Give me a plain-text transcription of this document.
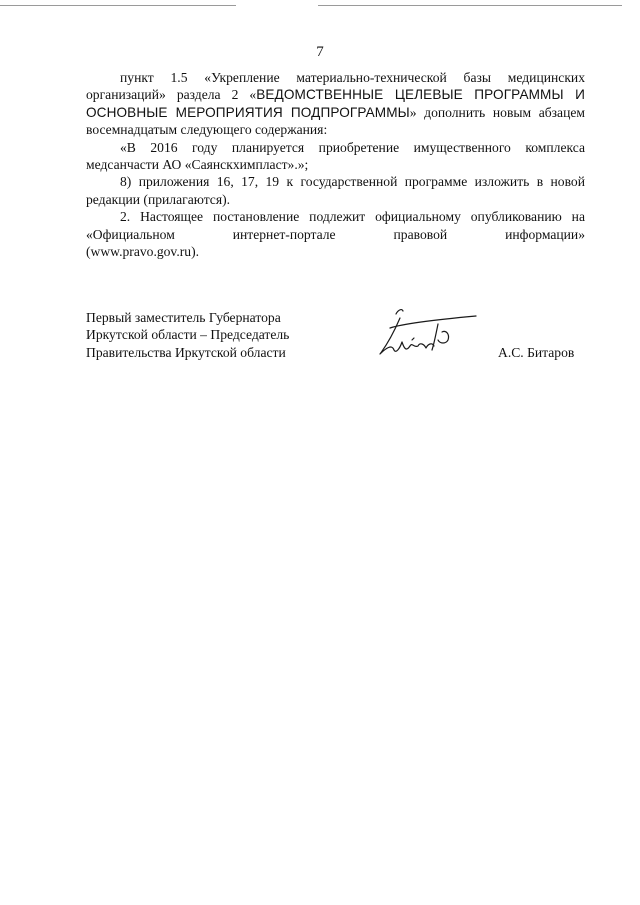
7

пункт 1.5 «Укрепление материально-технической базы медицинских организаций» раздела 2 «ВЕДОМСТВЕННЫЕ ЦЕЛЕВЫЕ ПРОГРАММЫ И ОСНОВНЫЕ МЕРОПРИЯТИЯ ПОДПРОГРАММЫ» дополнить новым абзацем восемнадцатым следующего содержания:

«В 2016 году планируется приобретение имущественного комплекса медсанчасти АО «Саянскхимпласт».»;

8) приложения 16, 17, 19 к государственной программе изложить в новой редакции (прилагаются).

2. Настоящее постановление подлежит официальному опубликованию на «Официальном интернет-портале правовой информации»

(www.pravo.gov.ru).

Первый заместитель Губернатора
Иркутской области – Председатель
Правительства Иркутской области	А.С. Битаров
